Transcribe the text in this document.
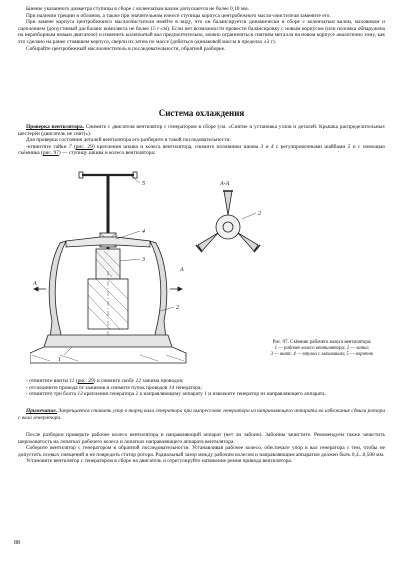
Биение указанного диаметра ступицы в сборе с коленчатым валом допускается не более 0,10 мм.

При наличии трещин и обломов, а также при значительном износе ступицы корпуса центробежного масло-очистителя замените его.

При замене корпуса центробежного маслоочистителя имейте в виду, что он балансируется динамически в сборе с коленчатым валом, маховиком и сцеплением (допустимый дисбаланс комплекта не более 15 г·см). Если нет возможности провести балансировку с новым корпусом (или поломка обнаружена на неразборным новым двигателе) и изменить коленчатый вал предпочтительно, можно ограничиться снятием металла на новом корпусе аналогично тому, как это сделано на ранее стоявшем корпусе, сверли их затем по массе (добиться одинаковой массы в пределах ±3 г).

Собирайте центробежный маслоочиститель в последовательности, обратной разборке.

Система охлаждения

Проверка вентилятора. Снимите с двигателя вентилятор с генератором в сборе (см. «Снятие и установка узлов и деталей. Крышка распределительных шестерён (двигатель не снят)»).

Для проверки состояния деталей вентилятора его разберите в такой последовательности:

-отвинтите гайки 7 (рис. 29) крепления шкива и колеса вентилятора, снимите половинки шкива 3 и 4 с регулировочными шайбами 5 и с помощью съёмника (рис. 97) — ступицу шкива и колесо вентилятора;

А
А
А-А
5
4
3
2
1
2
Рис. 97. Съёмник рабочего колеса вентилятора:
1 — рабочее колесо вентилятора; 2 — лапка;
3 — винт; 4 — втулка с маховиком; 5 — вороток

- отвинтите винты 11 (рис. 29) и снимите скобу 12 зажима проводов;

- отсоедините провода от зажимов и снимите пучок проводов 14 генератора;

- отвинтите три болта 13 крепления генератора 2 к направляющему аппарату 1 и извлеките генератор из направляющего аппарата.

Примечание. Запрещается ставить упор в торец вала генератора при выпрессовке генератора из направляющего аппарата во избежание сдвига ротора с вала генератора.

После разборки проверьте рабочее колесо вентилятора и направляющий аппарат (нет ли забоин). Забоины зачистите. Рекомендуем также зачистить шероховатость на лопатках рабочего колеса и лопатках направляющего аппарата вентилятора.

Соберите вентилятор с генератором в обратной последовательности. Устанавливая рабочее колесо, обеспечьте упор в вал генератора с тем, чтобы не допустить осевых смещений и не повредить статор ротора. Радиальный зазор между рабочим колесом и направляющим аппаратом должен быть 0,4...0,508 мм.

Установите вентилятор с генератором в сборе на двигатель и отрегулируйте натяжение ремня привода вентилятора.

88
